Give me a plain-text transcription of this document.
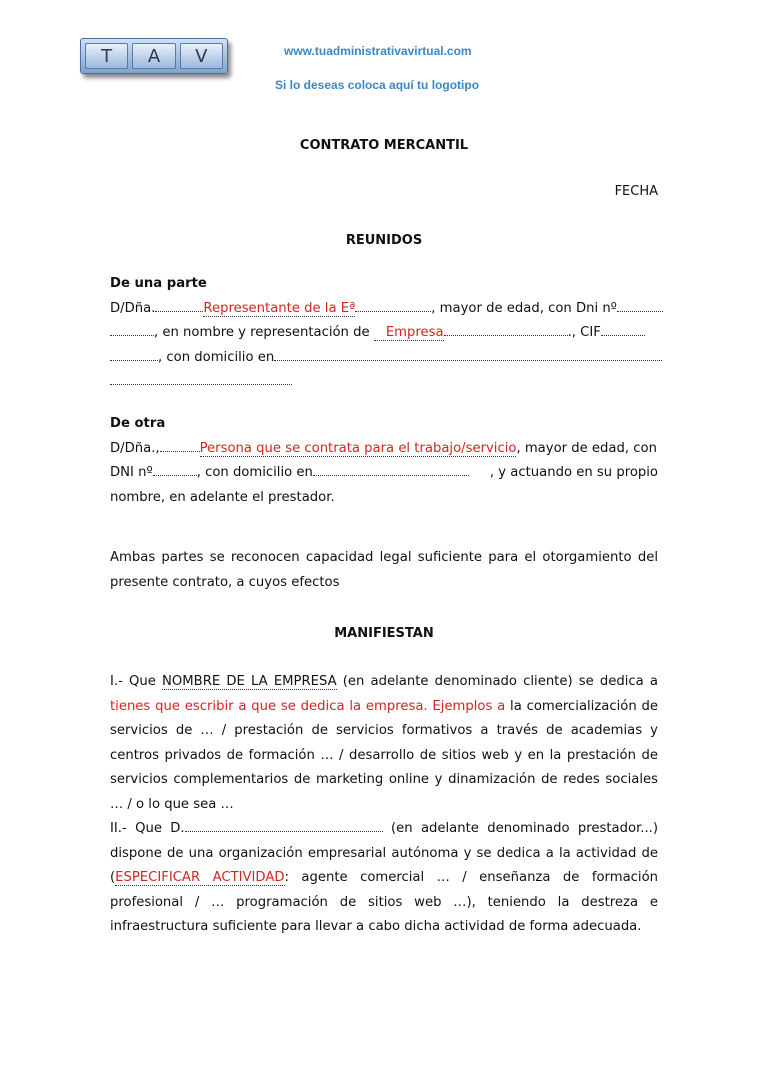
T	A	V	www.tuadministrativavirtual.com
Si lo deseas coloca aquí tu logotipo
CONTRATO MERCANTIL
FECHA
REUNIDOS
De una parte
D/Dña.	Representante de la Eª	, mayor de edad, con Dni nº
, en nombre y representación de Empresa	., CIF
, con domicilio en
De otra
D/Dña.,	Persona que se contrata para el trabajo/servicio, mayor de edad, con
DNI nº	, con domicilio en	, y actuando en su propio
nombre, en adelante el prestador.
Ambas partes se reconocen capacidad legal suficiente para el otorgamiento del presente contrato, a cuyos efectos
MANIFIESTAN
I.- Que NOMBRE DE LA EMPRESA (en adelante denominado cliente) se dedica a tienes que escribir a que se dedica la empresa. Ejemplos a la comercialización de servicios de … / prestación de servicios formativos a través de academias y centros privados de formación … / desarrollo de sitios web y en la prestación de servicios complementarios de marketing online y dinamización de redes sociales … / o lo que sea …
II.- Que D.	(en adelante denominado prestador...) dispone de una organización empresarial autónoma y se dedica a la actividad de (ESPECIFICAR ACTIVIDAD: agente comercial … / enseñanza de formación profesional / … programación de sitios web …), teniendo la destreza e infraestructura suficiente para llevar a cabo dicha actividad de forma adecuada.
